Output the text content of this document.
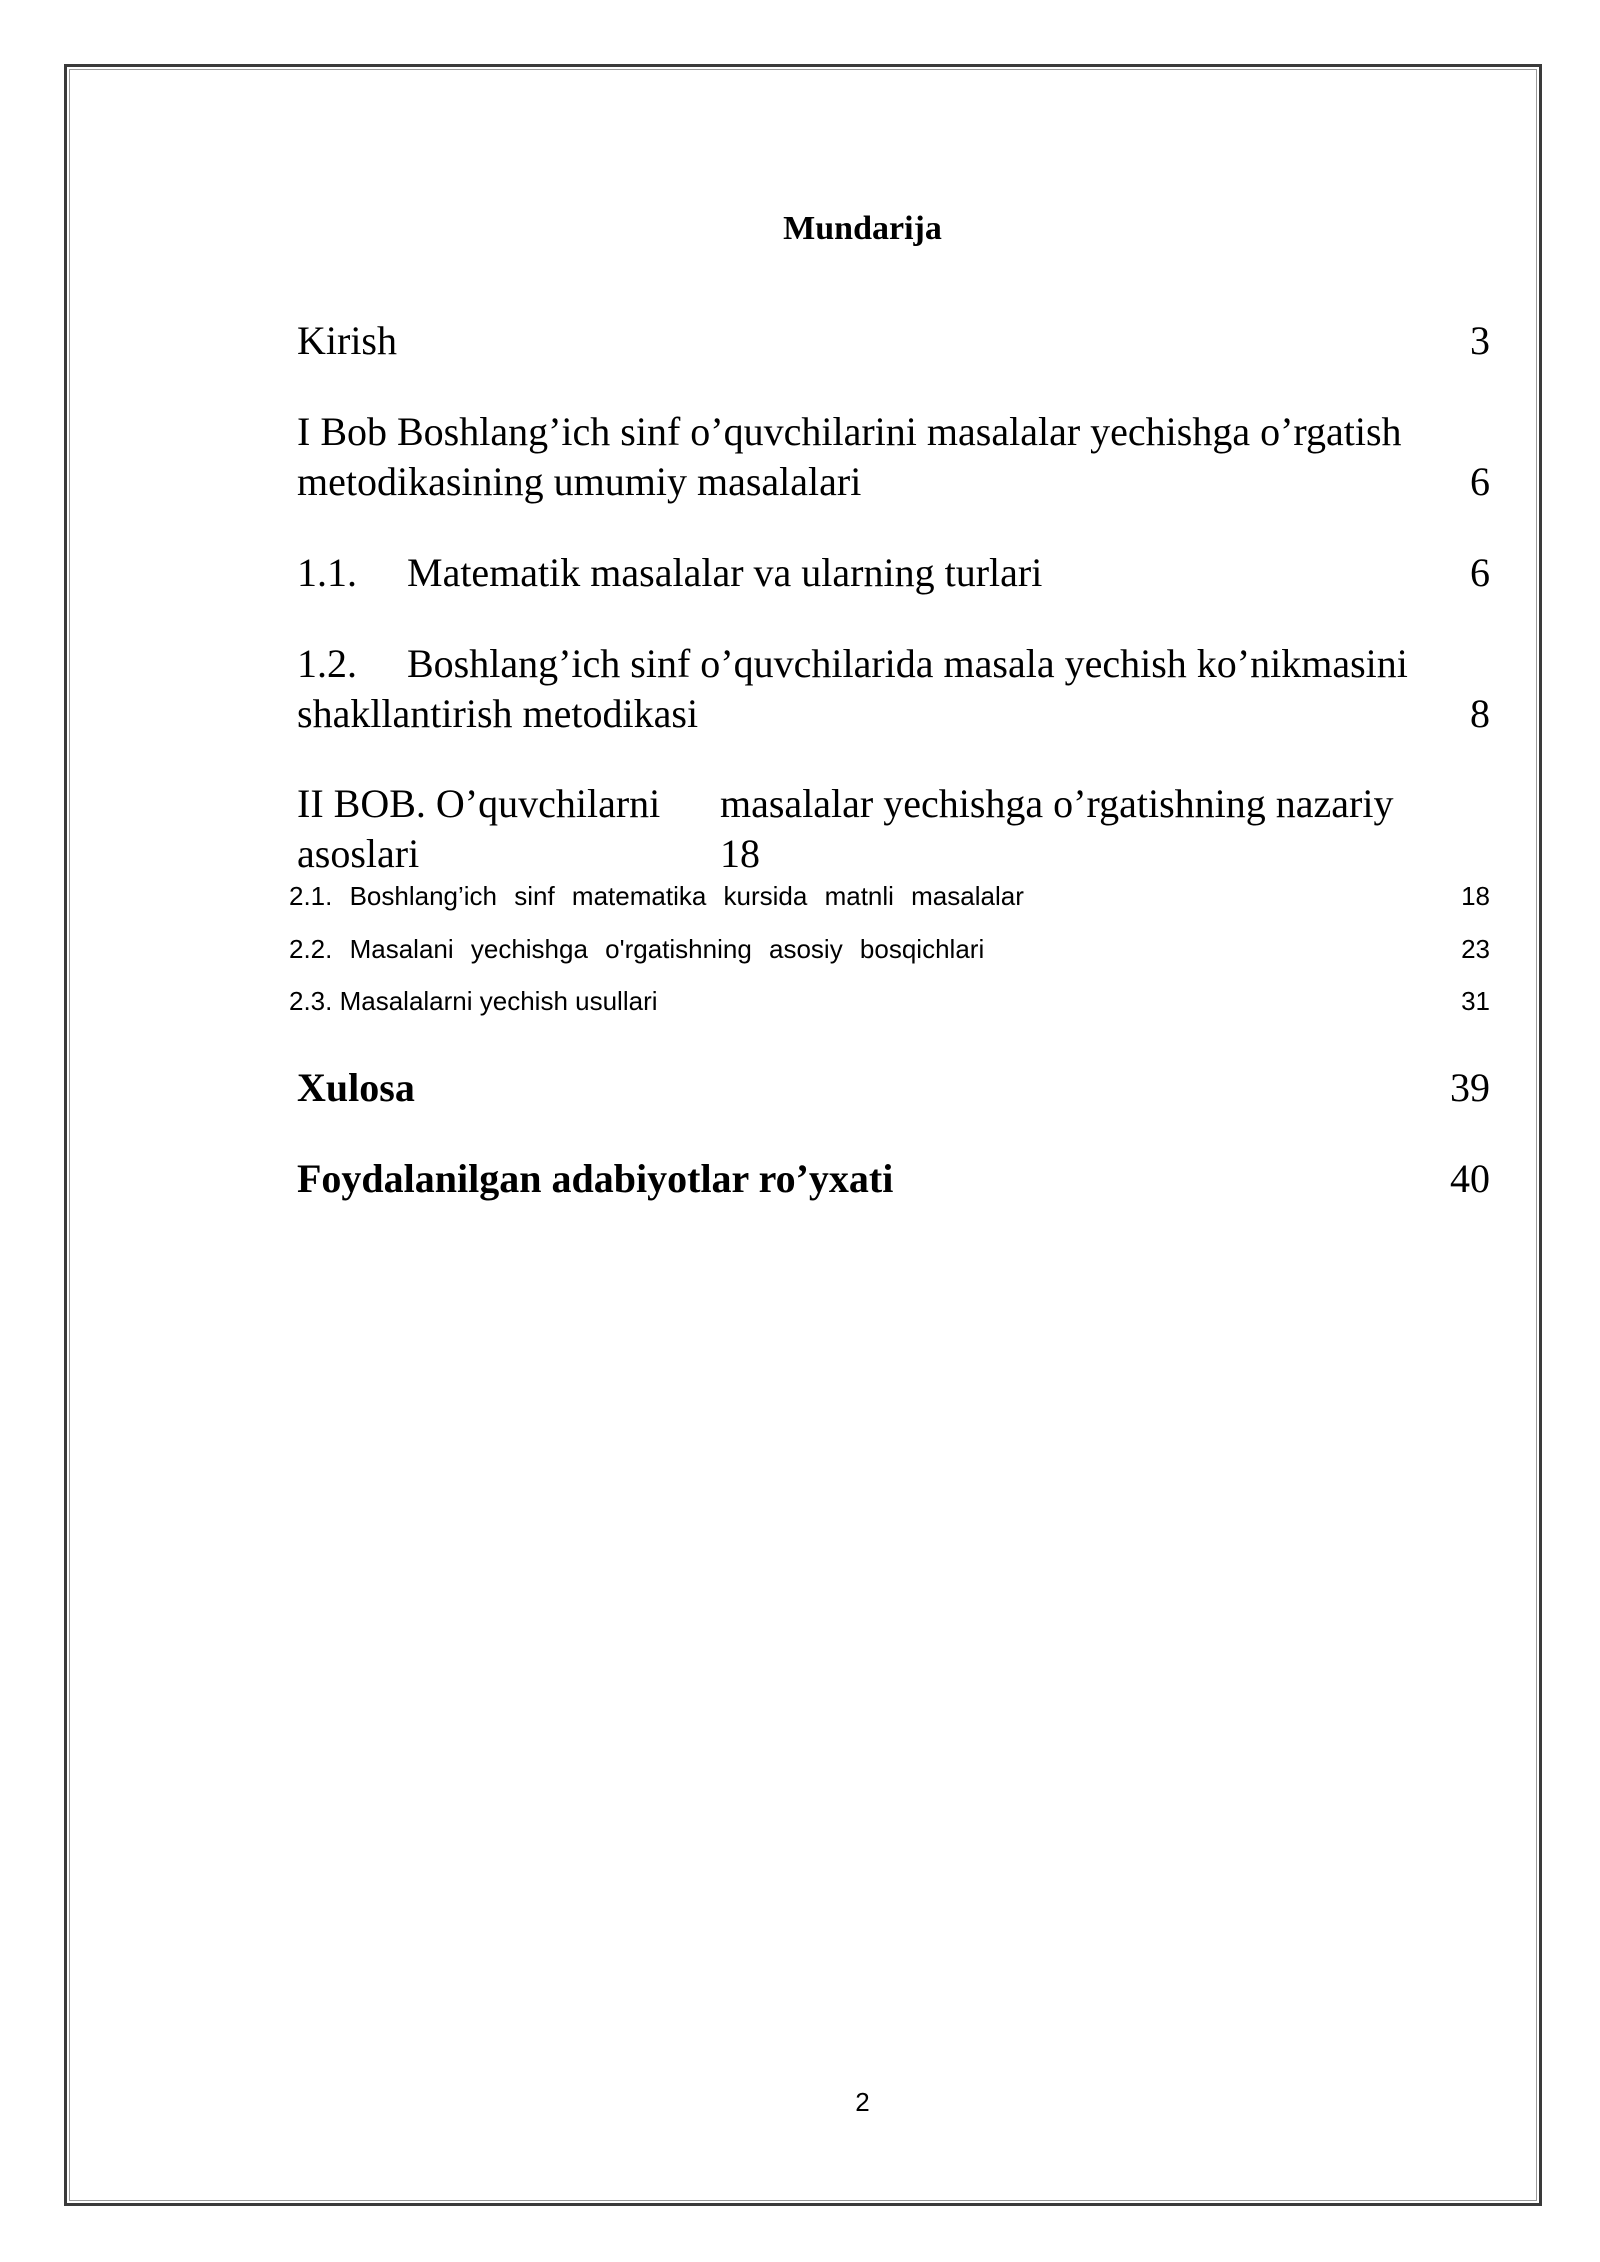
Mundarija
Kirish	3
I Bob Boshlang’ich sinf o’quvchilarini masalalar yechishga o’rgatish
metodikasining umumiy masalalari	6
1.1. Matematik masalalar va ularning turlari	6
1.2. Boshlang’ich sinf o’quvchilarida masala yechish ko’nikmasini
shakllantirish metodikasi	8
II BOB. O’quvchilarni masalalar yechishga o’rgatishning nazariy
asoslari	18
2.1. Boshlang’ich sinf matematika kursida matnli masalalar	18
2.2. Masalani yechishga o'rgatishning asosiy bosqichlari	23
2.3. Masalalarni yechish usullari	31
Xulosa	39
Foydalanilgan adabiyotlar ro’yxati	40
2
